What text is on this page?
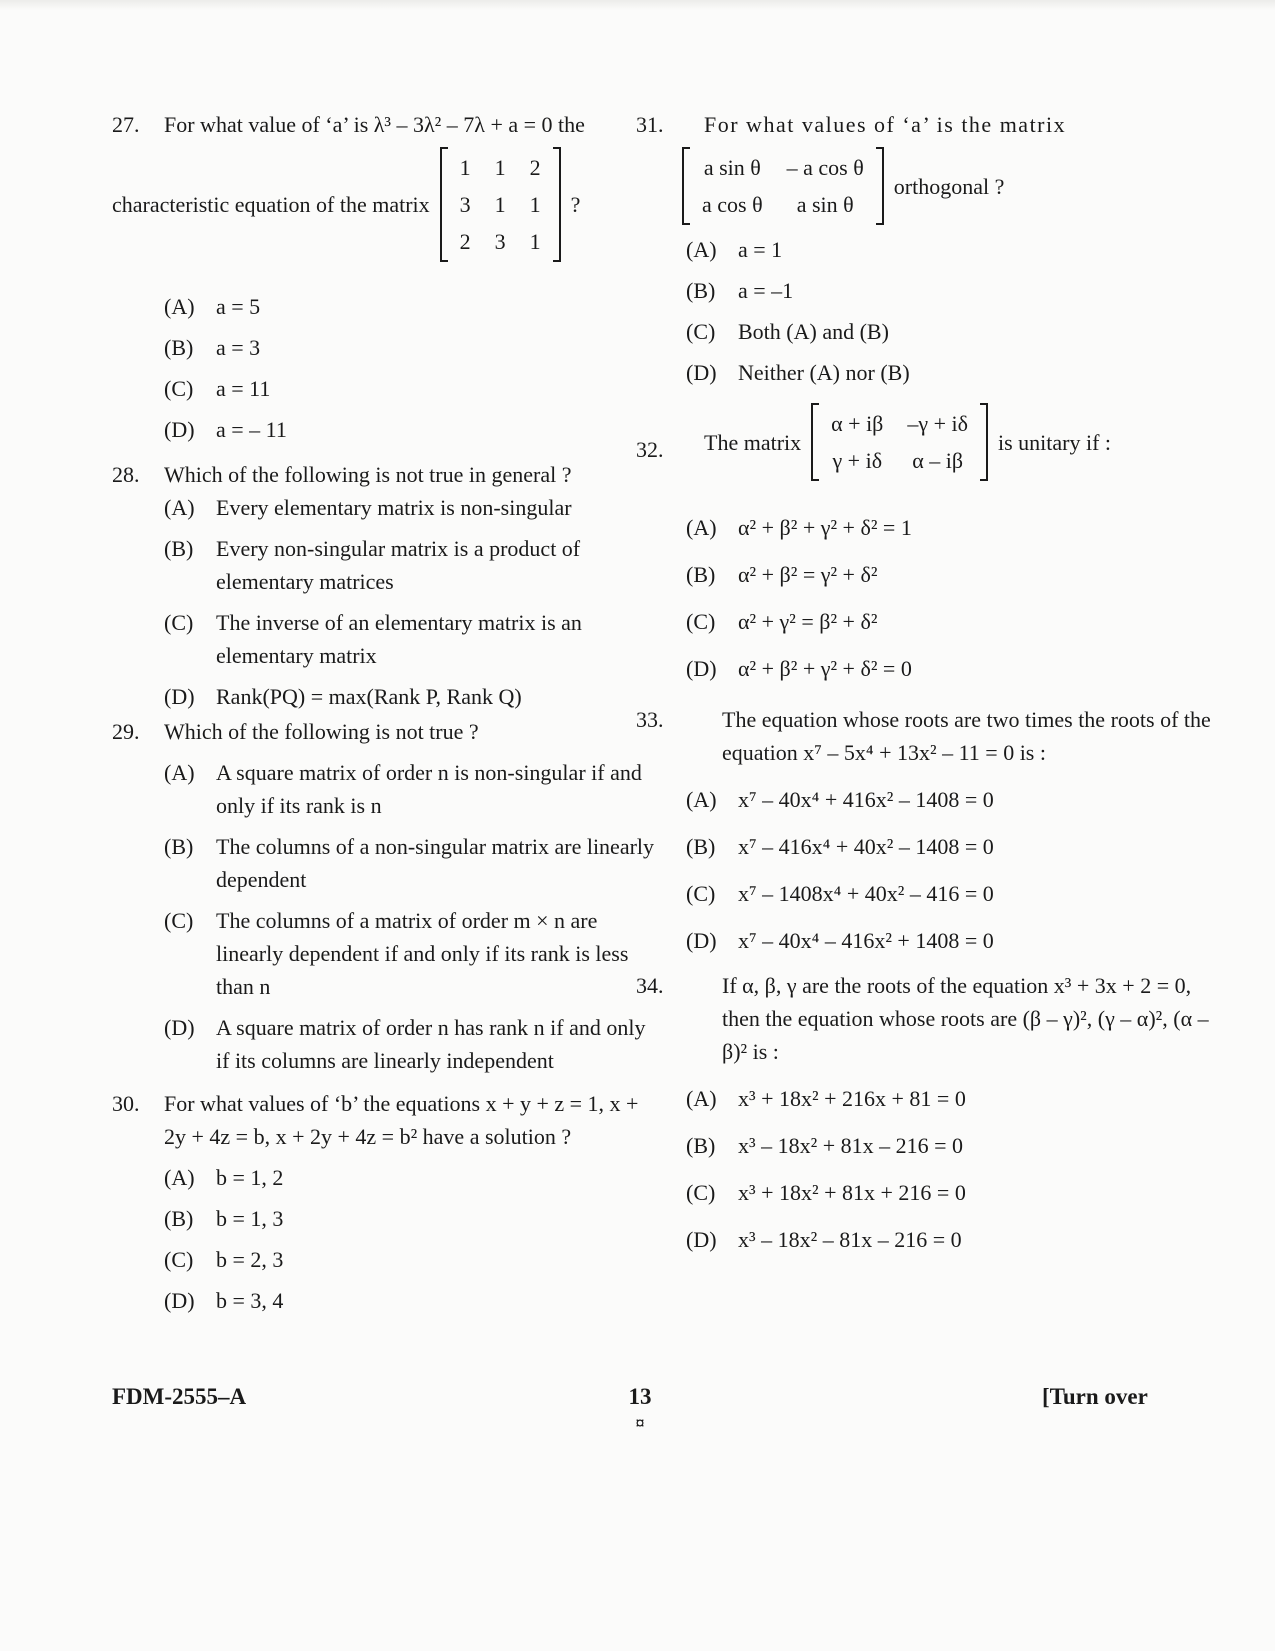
27. For what value of ‘a’ is λ³ – 3λ² – 7λ + a = 0 the
characteristic equation of the matrix
1	1	2
3	1	1
2	3	1
?
(A) a = 5
(B) a = 3
(C) a = 11
(D) a = – 11
28. Which of the following is not true in general ?
(A) Every elementary matrix is non-singular
(B) Every non-singular matrix is a product of elementary matrices
(C) The inverse of an elementary matrix is an elementary matrix
(D) Rank(PQ) = max(Rank P, Rank Q)
29. Which of the following is not true ?
(A) A square matrix of order n is non-singular if and only if its rank is n
(B) The columns of a non-singular matrix are linearly dependent
(C) The columns of a matrix of order m × n are linearly dependent if and only if its rank is less than n
(D) A square matrix of order n has rank n if and only if its columns are linearly independent
30. For what values of ‘b’ the equations x + y + z = 1, x + 2y + 4z = b, x + 2y + 4z = b² have a solution ?
(A) b = 1, 2
(B) b = 1, 3
(C) b = 2, 3
(D) b = 3, 4
31. For what values of ‘a’ is the matrix
a sin θ	– a cos θ
a cos θ	a sin θ
orthogonal ?
(A) a = 1
(B) a = –1
(C) Both (A) and (B)
(D) Neither (A) nor (B)
32. The matrix
α + iβ	–γ + iδ
γ + iδ	α – iβ
is unitary if :
(A) α² + β² + γ² + δ² = 1
(B) α² + β² = γ² + δ²
(C) α² + γ² = β² + δ²
(D) α² + β² + γ² + δ² = 0
33.	The equation whose roots are two times the roots of the equation x⁷ – 5x⁴ + 13x² – 11 = 0 is :
(A) x⁷ – 40x⁴ + 416x² – 1408 = 0
(B) x⁷ – 416x⁴ + 40x² – 1408 = 0
(C) x⁷ – 1408x⁴ + 40x² – 416 = 0
(D) x⁷ – 40x⁴ – 416x² + 1408 = 0
34.	If α, β, γ are the roots of the equation x³ + 3x + 2 = 0, then the equation whose roots are (β – γ)², (γ – α)², (α – β)² is :
(A) x³ + 18x² + 216x + 81 = 0
(B) x³ – 18x² + 81x – 216 = 0
(C) x³ + 18x² + 81x + 216 = 0
(D) x³ – 18x² – 81x – 216 = 0
FDM-2555–A	13
¤
[Turn over
